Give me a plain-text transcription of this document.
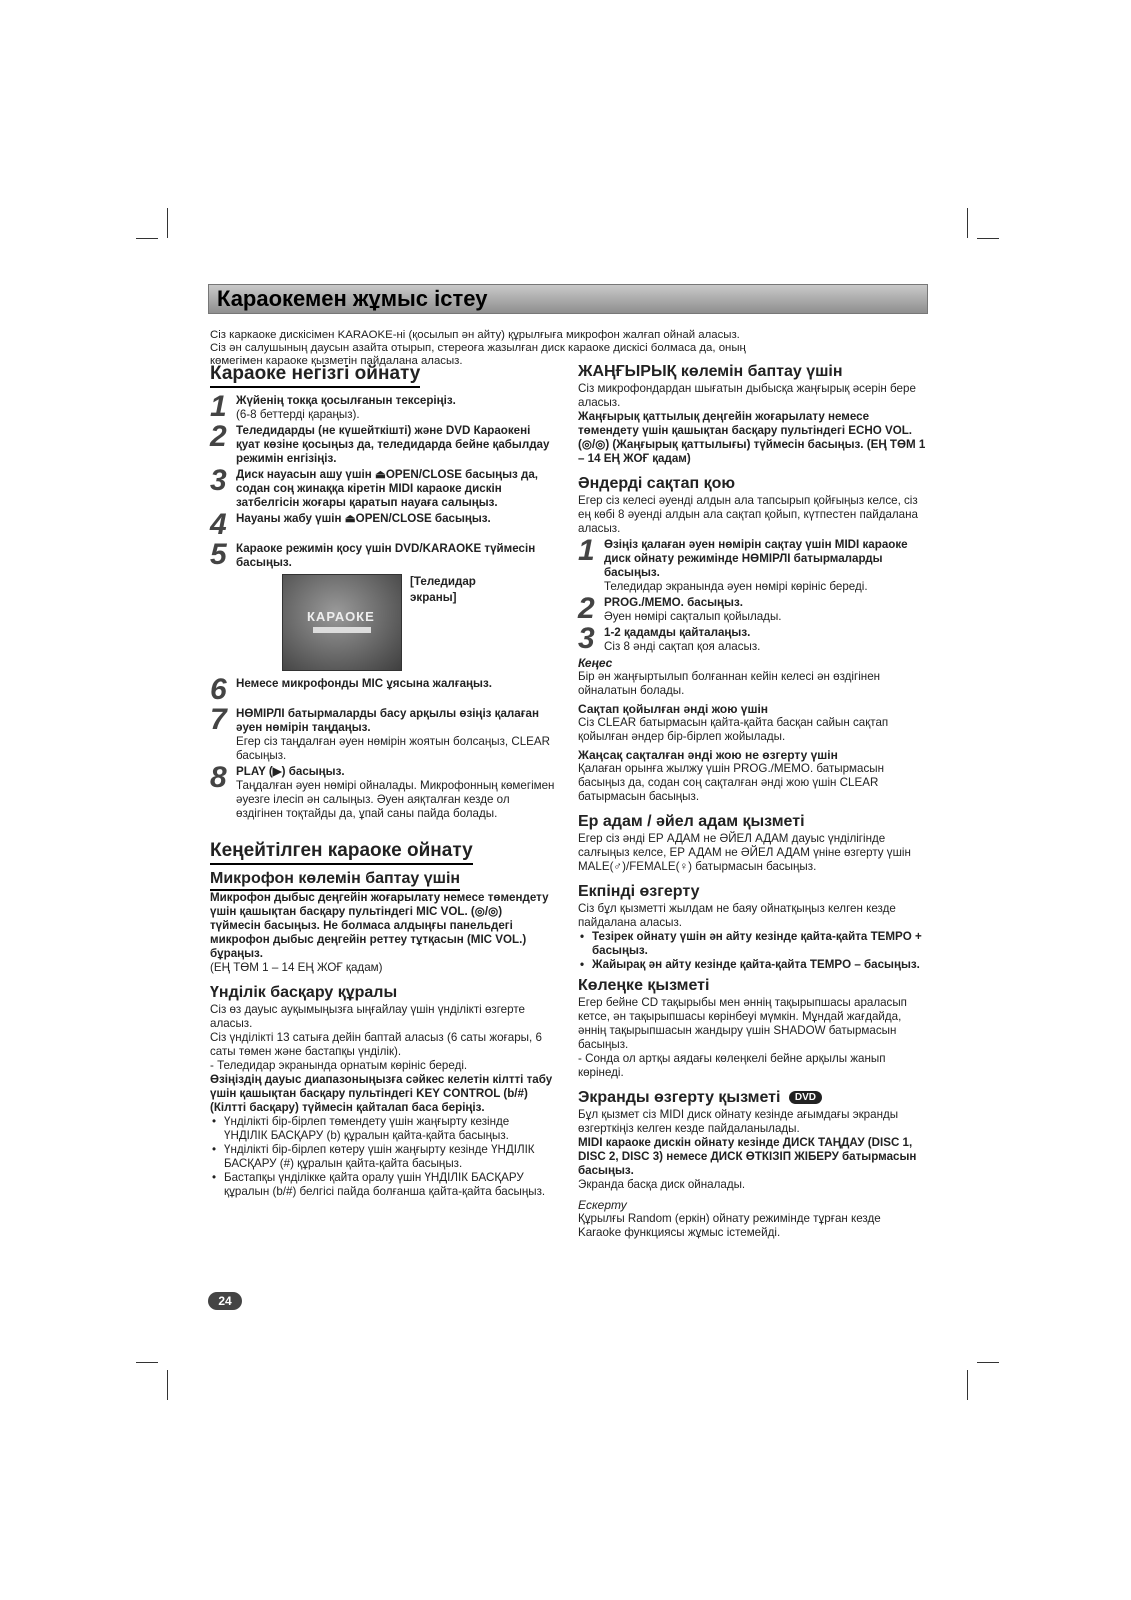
Караокемен жұмыс істеу
Сіз каркаоке дискісімен KARAOKE-ні (қосылып ән айту) құрылғыға микрофон жалғап ойнай аласыз.
Сіз ән салушының даусын азайта отырып, стереоға жазылған диск караоке дискісі болмаса да, оның
көмегімен караоке қызметін пайдалана аласыз.
Караоке негізгі ойнату
1 Жүйенің токқа қосылғанын тексеріңіз.
(6-8 беттерді қараңыз).
2 Теледидарды (не күшейткішті) және DVD Караокені қуат көзіне қосыңыз да, теледидарда бейне қабылдау режимін енгізіңіз.
3 Диск науасын ашу үшін ⏏OPEN/CLOSE басыңыз да, содан соң жинаққа кіретін MIDI караоке дискін затбелгісін жоғары қаратып науаға салыңыз.
4 Науаны жабу үшін ⏏OPEN/CLOSE басыңыз.
5 Караоке режимін қосу үшін DVD/KARAOKE түймесін басыңыз.
КАРАОКЕ
[Теледидар
экраны]
6 Немесе микрофонды MIC ұясына жалғаңыз.
7 НӨМІРЛІ батырмаларды басу арқылы өзіңіз қалаған әуен нөмірін таңдаңыз.
Егер сіз таңдалған әуен нөмірін жоятын болсаңыз, CLEAR басыңыз.
8 PLAY (▶) басыңыз.
Таңдалған әуен нөмірі ойналады. Микрофонның көмегімен әуезге ілесіп ән салыңыз. Әуен аяқталған кезде ол өздігінен тоқтайды да, ұпай саны пайда болады.
Кеңейтілген караоке ойнату
Микрофон көлемін баптау үшін
Микрофон дыбыс деңгейін жоғарылату немесе төмендету үшін қашықтан басқару пультіндегі MIC VOL. (◎/◎) түймесін басыңыз. Не болмаса алдыңғы панельдегі микрофон дыбыс деңгейін реттеу тұтқасын (MIC VOL.) бұраңыз.
(ЕҢ ТӨМ 1 – 14 ЕҢ ЖОҒ қадам)
Үнділік басқару құралы
Сіз өз дауыс ауқымыңызға ыңғайлау үшін үнділікті өзгерте аласыз.
Сіз үнділікті 13 сатыға дейін баптай аласыз (6 саты жоғары, 6 саты төмен және бастапқы үнділік).
- Теледидар экранында орнатым көрініс береді.
Өзіңіздің дауыс диапазоныңызға сәйкес келетін кілтті табу үшін қашықтан басқару пультіндегі KEY CONTROL (b/#) (Кілтті басқару) түймесін қайталап баса беріңіз.
• Үнділікті бір-бірлеп төмендету үшін жаңғырту кезінде ҮНДІЛІК БАСҚАРУ (b) құралын қайта-қайта басыңыз.
• Үнділікті бір-бірлеп көтеру үшін жаңғырту кезінде ҮНДІЛІК БАСҚАРУ (#) құралын қайта-қайта басыңыз.
• Бастапқы үнділікке қайта оралу үшін ҮНДІЛІК БАСҚАРУ құралын (b/#) белгісі пайда болғанша қайта-қайта басыңыз.
ЖАҢҒЫРЫҚ көлемін баптау үшін
Сіз микрофондардан шығатын дыбысқа жаңғырық әсерін бере аласыз.
Жаңғырық қаттылық деңгейін жоғарылату немесе төмендету үшін қашықтан басқару пультіндегі ECHO VOL. (◎/◎) (Жаңғырық қаттылығы) түймесін басыңыз. (ЕҢ ТӨМ 1 – 14 ЕҢ ЖОҒ қадам)
Әндерді сақтап қою
Егер сіз келесі әуенді алдын ала тапсырып қойғыңыз келсе, сіз ең көбі 8 әуенді алдын ала сақтап қойып, күтпестен пайдалана аласыз.
1 Өзіңіз қалаған әуен нөмірін сақтау үшін MIDI караоке диск ойнату режимінде НӨМІРЛІ батырмаларды басыңыз.
Теледидар экранында әуен нөмірі көрініс береді.
2 PROG./MEMO. басыңыз.
Әуен нөмірі сақталып қойылады.
3 1-2 қадамды қайталаңыз.
Сіз 8 әнді сақтап қоя аласыз.
Кеңес
Бір ән жаңғыртылып болғаннан кейін келесі ән өздігінен ойналатын болады.
Сақтап қойылған әнді жою үшін
Сіз CLEAR батырмасын қайта-қайта басқан сайын сақтап қойылған әндер бір-бірлеп жойылады.
Жаңсақ сақталған әнді жою не өзгерту үшін
Қалаған орынға жылжу үшін PROG./MEMO. батырмасын басыңыз да, содан соң сақталған әнді жою үшін CLEAR батырмасын басыңыз.
Ер адам / әйел адам қызметі
Егер сіз әнді ЕР АДАМ не ӘЙЕЛ АДАМ дауыс үнділігінде салғыңыз келсе, ЕР АДАМ не ӘЙЕЛ АДАМ үніне өзгерту үшін MALE(♂)/FEMALE(♀) батырмасын басыңыз.
Екпінді өзгерту
Сіз бұл қызметті жылдам не баяу ойнатқыңыз келген кезде пайдалана аласыз.
• Тезірек ойнату үшін ән айту кезінде қайта-қайта TEMPO + басыңыз.
• Жайырақ ән айту кезінде қайта-қайта TEMPO – басыңыз.
Көлеңке қызметі
Егер бейне CD тақырыбы мен әннің тақырыпшасы араласып кетсе, ән тақырыпшасы көрінбеуі мүмкін. Мұндай жағдайда, әннің тақырыпшасын жандыру үшін SHADOW батырмасын басыңыз.
- Сонда ол артқы аядағы көлеңкелі бейне арқылы жанып көрінеді.
Экранды өзгерту қызметі DVD
Бұл қызмет сіз MIDI диск ойнату кезінде ағымдағы экранды өзгерткіңіз келген кезде пайдаланылады.
MIDI караоке дискін ойнату кезінде ДИСК ТАҢДАУ (DISC 1, DISC 2, DISC 3) немесе ДИСК ӨТКІЗІП ЖІБЕРУ батырмасын басыңыз.
Экранда басқа диск ойналады.
Ескерту
Құрылғы Random (еркін) ойнату режимінде тұрған кезде Karaoke функциясы жұмыс істемейді.
24
